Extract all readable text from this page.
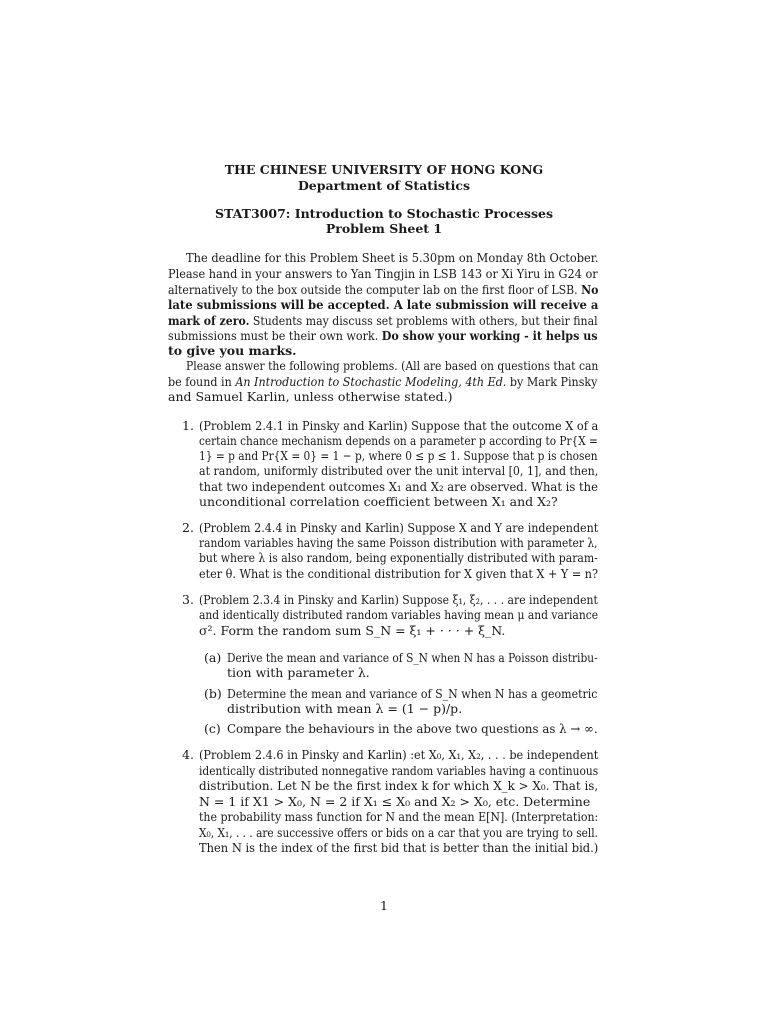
THE CHINESE UNIVERSITY OF HONG KONG
Department of Statistics
STAT3007: Introduction to Stochastic Processes
Problem Sheet 1
The deadline for this Problem Sheet is 5.30pm on Monday 8th October.
Please hand in your answers to Yan Tingjin in LSB 143 or Xi Yiru in G24 or
alternatively to the box outside the computer lab on the first floor of LSB. No
late submissions will be accepted. A late submission will receive a
mark of zero. Students may discuss set problems with others, but their final
submissions must be their own work. Do show your working - it helps us
to give you marks.
Please answer the following problems. (All are based on questions that can
be found in An Introduction to Stochastic Modeling, 4th Ed. by Mark Pinsky
and Samuel Karlin, unless otherwise stated.)
1. (Problem 2.4.1 in Pinsky and Karlin) Suppose that the outcome X of a
certain chance mechanism depends on a parameter p according to Pr{X =
1} = p and Pr{X = 0} = 1 − p, where 0 ≤ p ≤ 1. Suppose that p is chosen
at random, uniformly distributed over the unit interval [0, 1], and then,
that two independent outcomes X₁ and X₂ are observed. What is the
unconditional correlation coefficient between X₁ and X₂?
2. (Problem 2.4.4 in Pinsky and Karlin) Suppose X and Y are independent
random variables having the same Poisson distribution with parameter λ,
but where λ is also random, being exponentially distributed with param-
eter θ. What is the conditional distribution for X given that X + Y = n?
3. (Problem 2.3.4 in Pinsky and Karlin) Suppose ξ₁, ξ₂, . . . are independent
and identically distributed random variables having mean μ and variance
σ². Form the random sum S_N = ξ₁ + · · · + ξ_N.
(a) Derive the mean and variance of S_N when N has a Poisson distribu-
tion with parameter λ.
(b) Determine the mean and variance of S_N when N has a geometric
distribution with mean λ = (1 − p)/p.
(c) Compare the behaviours in the above two questions as λ → ∞.
4. (Problem 2.4.6 in Pinsky and Karlin) :et X₀, X₁, X₂, . . . be independent
identically distributed nonnegative random variables having a continuous
distribution. Let N be the first index k for which X_k > X₀. That is,
N = 1 if X1 > X₀, N = 2 if X₁ ≤ X₀ and X₂ > X₀, etc. Determine
the probability mass function for N and the mean E[N]. (Interpretation:
X₀, X₁, . . . are successive offers or bids on a car that you are trying to sell.
Then N is the index of the first bid that is better than the initial bid.)
1
